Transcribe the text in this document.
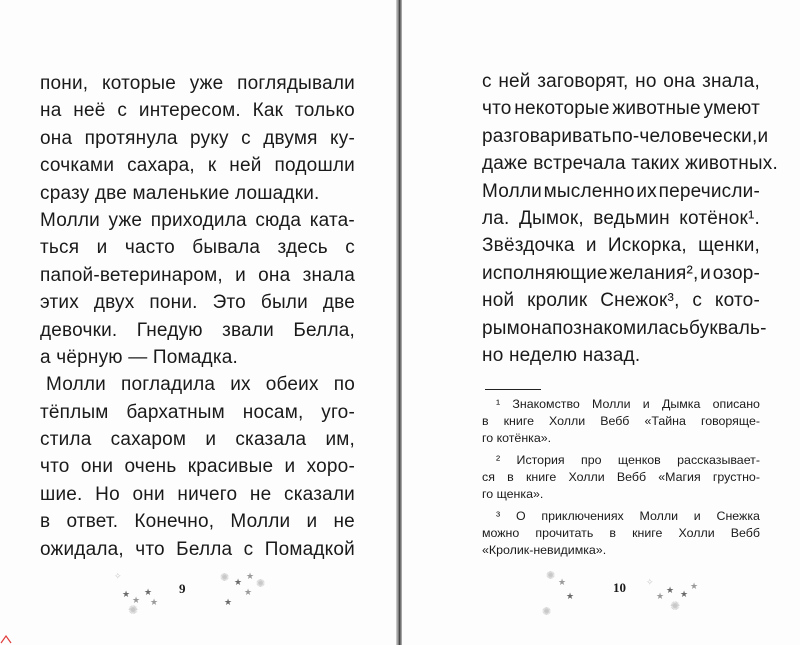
пони, которые уже поглядывали
на неё с интересом. Как только
она протянула руку с двумя ку-
сочками сахара, к ней подошли
сразу две маленькие лошадки.
Молли уже приходила сюда ката-
ться и часто бывала здесь с
папой-ветеринаром, и она знала
этих двух пони. Это были две
девочки. Гнедую звали Белла,
а чёрную — Помадка.
Молли погладила их обеих по
тёплым бархатным носам, уго-
стила сахаром и сказала им,
что они очень красивые и хоро-
шие. Но они ничего не сказали
в ответ. Конечно, Молли и не
ожидала, что Белла с Помадкой
✧
★
★
★
★
✺
✺ ★
★
★
✺
★
9
с ней заговорят, но она знала,
что некоторые животные умеют
разговаривать по-человечески, и
даже встречала таких животных.
Молли мысленно их перечисли-
ла. Дымок, ведьмин котёнок¹.
Звёздочка и Искорка, щенки,
исполняющие желания², и озор-
ной кролик Снежок³, с кото-
рым она познакомилась букваль-
но неделю назад.
¹ Знакомство Молли и Дымка описано
в книге Холли Вебб «Тайна говоряще-
го котёнка».
² История про щенков рассказывает-
ся в книге Холли Вебб «Магия грустно-
го щенка».
³ О приключениях Молли и Снежка
можно прочитать в книге Холли Вебб
«Кролик-невидимка».
✺ ★
★
✺
✧
★
★ ★
✺
★
10
